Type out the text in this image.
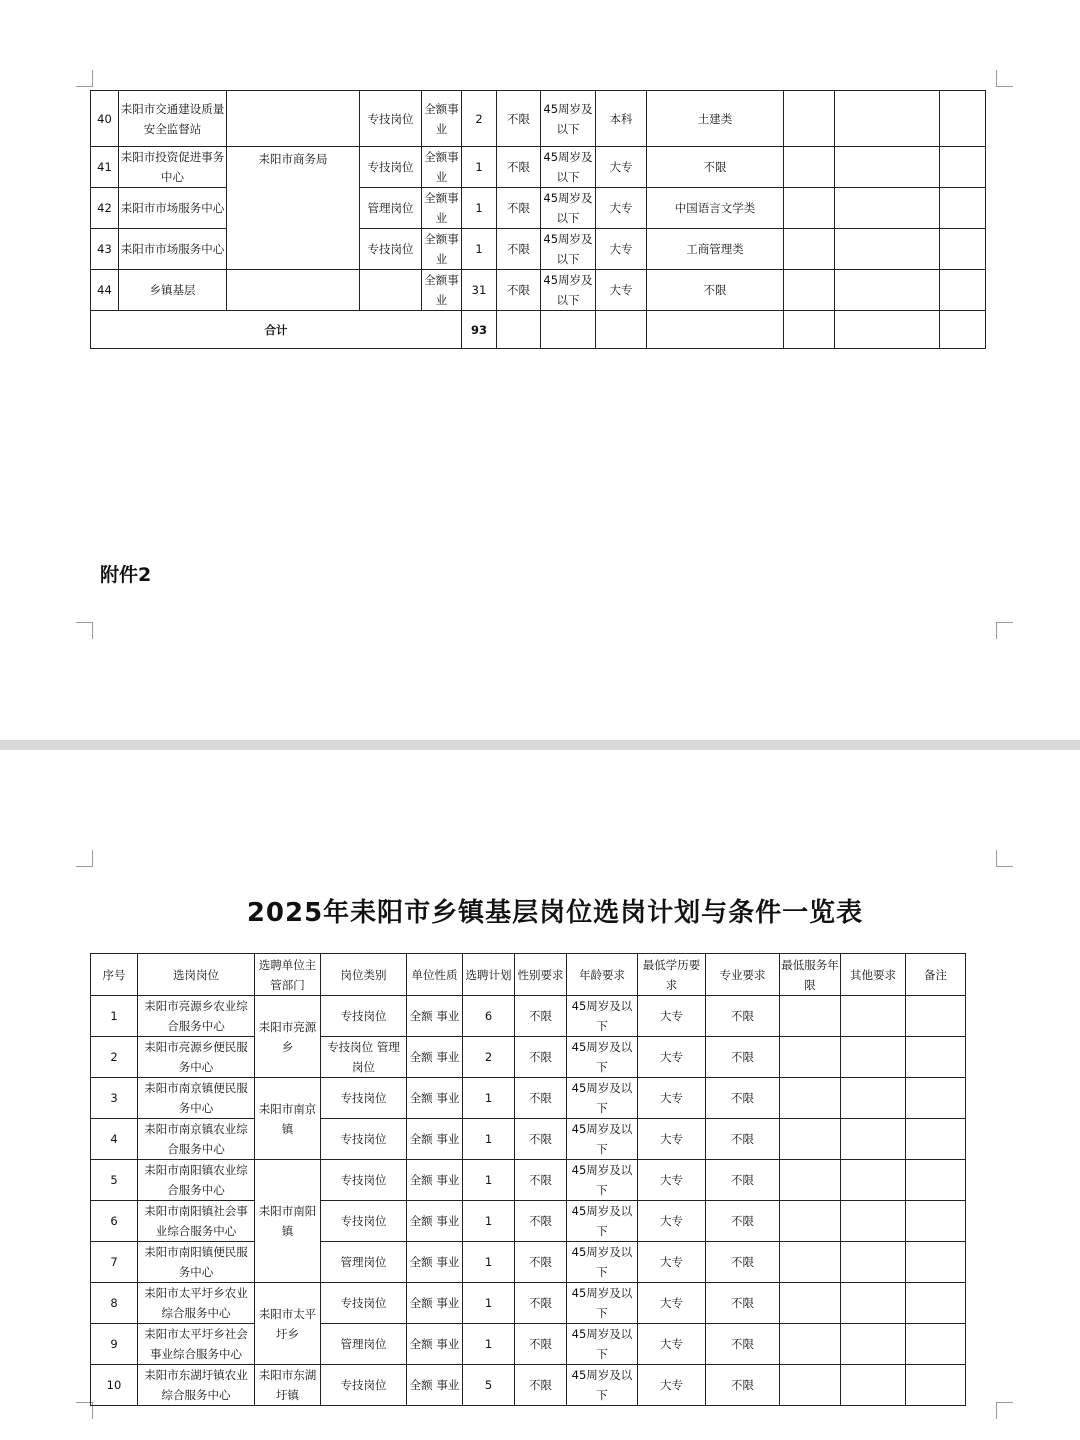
40	耒阳市交通建设质量安全监督站		专技岗位	全额事业	2	不限	45周岁及以下	本科	土建类			
41	耒阳市投资促进事务中心	耒阳市商务局	专技岗位	全额事业	1	不限	45周岁及以下	大专	不限			
42	耒阳市市场服务中心		管理岗位	全额事业	1	不限	45周岁及以下	大专	中国语言文学类			
43	耒阳市市场服务中心		专技岗位	全额事业	1	不限	45周岁及以下	大专	工商管理类			
44	乡镇基层			全额事业	31	不限	45周岁及以下	大专	不限			
合计					93							
附件2
2025年耒阳市乡镇基层岗位选岗计划与条件一览表
序号	选岗岗位	选聘单位主管部门	岗位类别	单位性质	选聘计划	性别要求	年龄要求	最低学历要求	专业要求	最低服务年限	其他要求	备注
1	耒阳市亮源乡农业综合服务中心	耒阳市亮源乡	专技岗位	全额 事业	6	不限	45周岁及以下	大专	不限			
2	耒阳市亮源乡便民服务中心		专技岗位 管理岗位	全额 事业	2	不限	45周岁及以下	大专	不限			
3	耒阳市南京镇便民服务中心	耒阳市南京镇	专技岗位	全额 事业	1	不限	45周岁及以下	大专	不限			
4	耒阳市南京镇农业综合服务中心		专技岗位	全额 事业	1	不限	45周岁及以下	大专	不限			
5	耒阳市南阳镇农业综合服务中心	耒阳市南阳镇	专技岗位	全额 事业	1	不限	45周岁及以下	大专	不限			
6	耒阳市南阳镇社会事业综合服务中心		专技岗位	全额 事业	1	不限	45周岁及以下	大专	不限			
7	耒阳市南阳镇便民服务中心		管理岗位	全额 事业	1	不限	45周岁及以下	大专	不限			
8	耒阳市太平圩乡农业综合服务中心	耒阳市太平圩乡	专技岗位	全额 事业	1	不限	45周岁及以下	大专	不限			
9	耒阳市太平圩乡社会事业综合服务中心		管理岗位	全额 事业	1	不限	45周岁及以下	大专	不限			
10	耒阳市东湖圩镇农业综合服务中心	耒阳市东湖圩镇	专技岗位	全额 事业	5	不限	45周岁及以下	大专	不限			
